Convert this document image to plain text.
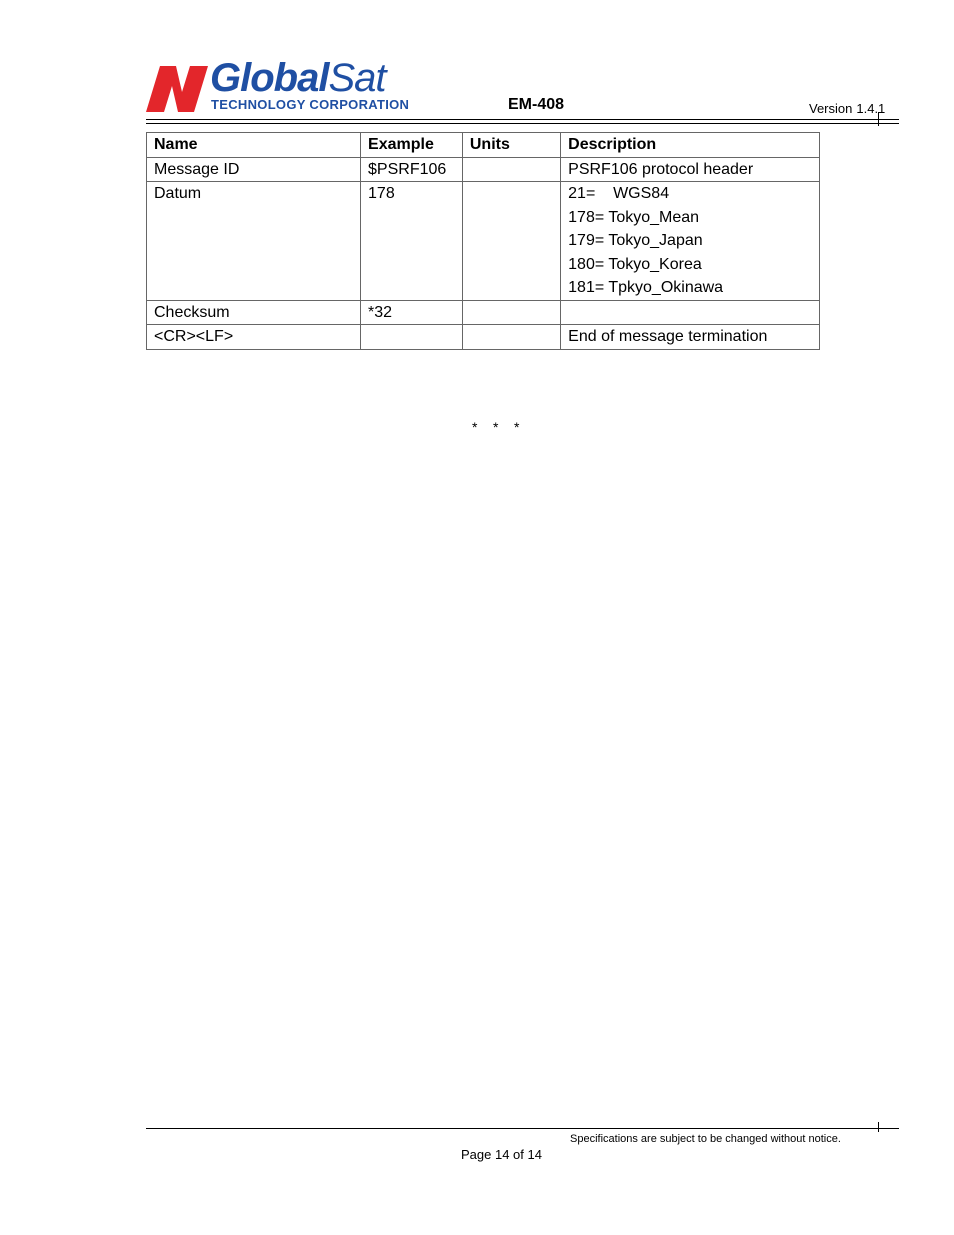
GlobalSat
TECHNOLOGY CORPORATION	EM-408	Version 1.4.1
Name	Example	Units	Description
Message ID	$PSRF106		PSRF106 protocol header

Datum	178		21=    WGS84
178= Tokyo_Mean
179= Tokyo_Japan
180= Tokyo_Korea
181= Tpkyo_Okinawa

Checksum	*32		

<CR><LF>			End of message termination
*    *    *
Specifications are subject to be changed without notice.
Page 14 of 14
